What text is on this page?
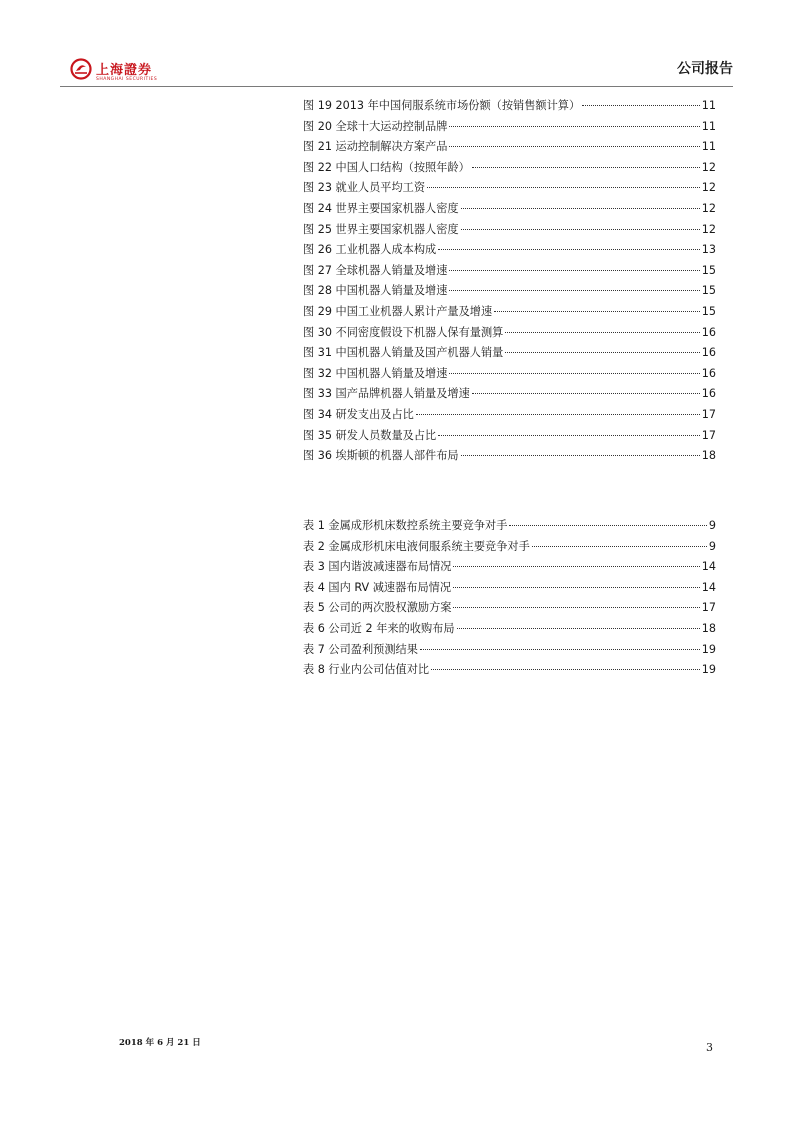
上海證券
SHANGHAI SECURITIES
公司报告
图 19 2013 年中国伺服系统市场份额（按销售额计算）	11
图 20 全球十大运动控制品牌	11
图 21 运动控制解决方案产品	11
图 22 中国人口结构（按照年龄）	12
图 23 就业人员平均工资	12
图 24 世界主要国家机器人密度	12
图 25 世界主要国家机器人密度	12
图 26 工业机器人成本构成	13
图 27 全球机器人销量及增速	15
图 28 中国机器人销量及增速	15
图 29 中国工业机器人累计产量及增速	15
图 30 不同密度假设下机器人保有量测算	16
图 31 中国机器人销量及国产机器人销量	16
图 32 中国机器人销量及增速	16
图 33 国产品牌机器人销量及增速	16
图 34 研发支出及占比	17
图 35 研发人员数量及占比	17
图 36 埃斯顿的机器人部件布局	18
表 1 金属成形机床数控系统主要竞争对手	9
表 2 金属成形机床电液伺服系统主要竞争对手	9
表 3 国内谐波减速器布局情况	14
表 4 国内 RV 减速器布局情况	14
表 5 公司的两次股权激励方案	17
表 6 公司近 2 年来的收购布局	18
表 7 公司盈利预测结果	19
表 8 行业内公司估值对比	19
2018 年 6 月 21 日	3
